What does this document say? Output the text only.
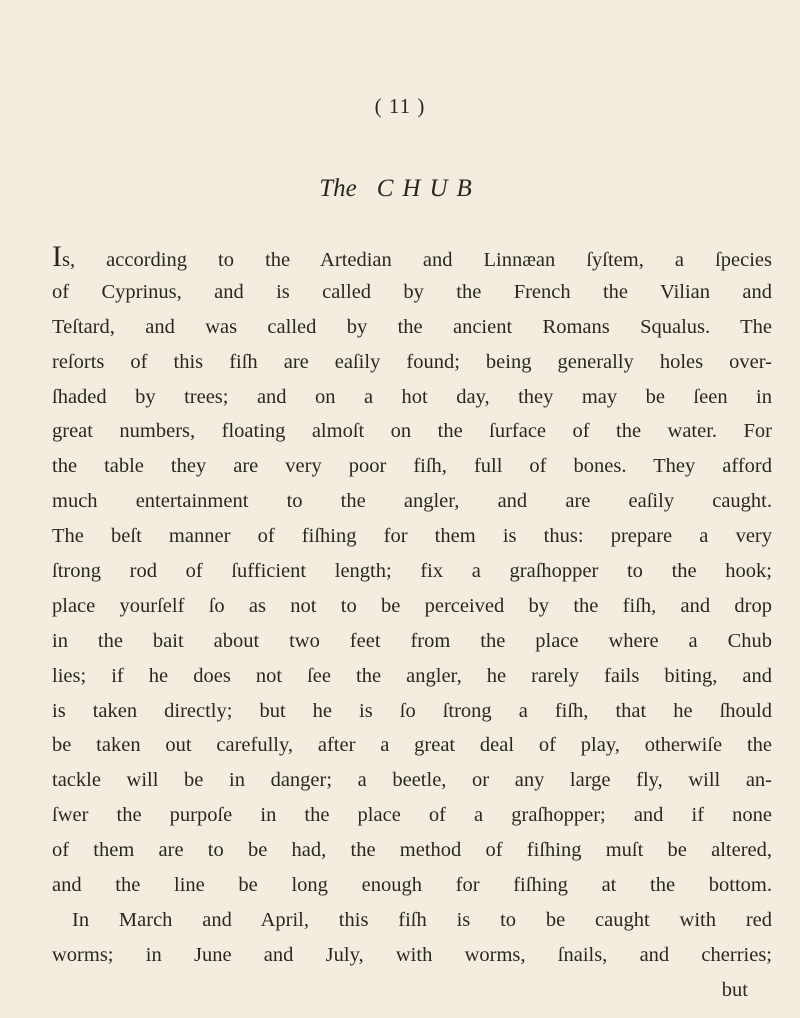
( 11 )
The CHUB
Is, according to the Artedian and Linnæan ſyſtem, a ſpecies
of Cyprinus, and is called by the French the Vilian and
Teſtard, and was called by the ancient Romans Squalus. The
reſorts of this fiſh are eaſily found; being generally holes over-
ſhaded by trees; and on a hot day, they may be ſeen in
great numbers, floating almoſt on the ſurface of the water. For
the table they are very poor fiſh, full of bones. They afford
much entertainment to the angler, and are eaſily caught.
The beſt manner of fiſhing for them is thus: prepare a very
ſtrong rod of ſufficient length; fix a graſhopper to the hook;
place yourſelf ſo as not to be perceived by the fiſh, and drop
in the bait about two feet from the place where a Chub
lies; if he does not ſee the angler, he rarely fails biting, and
is taken directly; but he is ſo ſtrong a fiſh, that he ſhould
be taken out carefully, after a great deal of play, otherwiſe the
tackle will be in danger; a beetle, or any large fly, will an-
ſwer the purpoſe in the place of a graſhopper; and if none
of them are to be had, the method of fiſhing muſt be altered,
and the line be long enough for fiſhing at the bottom.
In March and April, this fiſh is to be caught with red
worms; in June and July, with worms, ſnails, and cherries;
but
